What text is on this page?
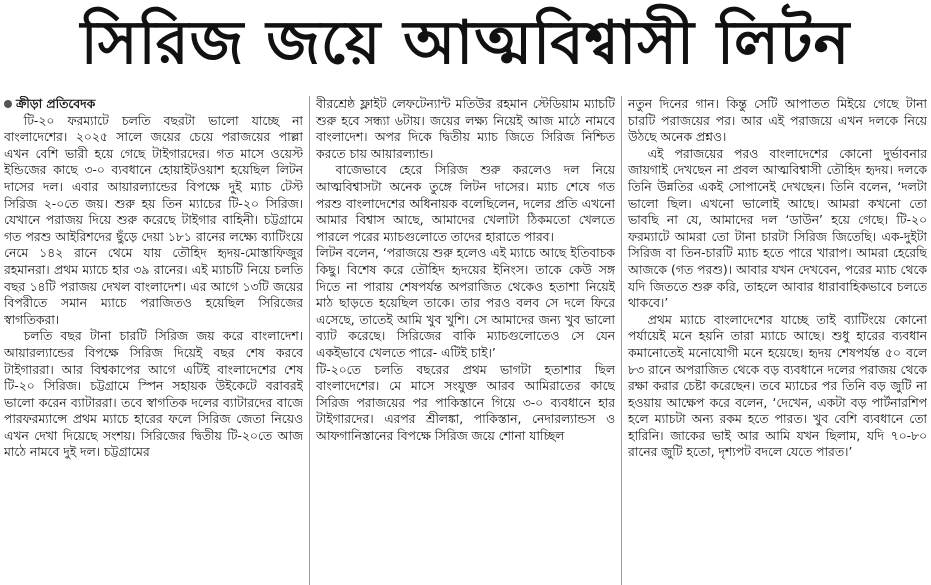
সিরিজ জয়ে আত্মবিশ্বাসী লিটন

ক্রীড়া প্রতিবেদক

টি-২০ ফরম্যাটে চলতি বছরটা ভালো যাচ্ছে না বাংলাদেশের। ২০২৫ সালে জয়ের চেয়ে পরাজয়ের পাল্লা এখন বেশি ভারী হয়ে গেছে টাইগারদের। গত মাসে ওয়েস্ট ইন্ডিজের কাছে ৩-০ ব্যবধানে হোয়াইটওয়াশ হয়েছিল লিটন দাসের দল। এবার আয়ারল্যান্ডের বিপক্ষে দুই ম্যাচ টেস্ট সিরিজ ২-০তে জয়। শুরু হয় তিন ম্যাচের টি-২০ সিরিজ। যেখানে পরাজয় দিয়ে শুরু করেছে টাইগার বাহিনী। চট্টগ্রামে গত পরশু আইরিশদের ছুঁড়ে দেয়া ১৮১ রানের লক্ষ্যে ব্যাটিংয়ে নেমে ১৪২ রানে থেমে যায় তৌহিদ হৃদয়-মোস্তাফিজুর রহমানরা। প্রথম ম্যাচে হার ৩৯ রানের। এই ম্যাচটি নিয়ে চলতি বছর ১৪টি পরাজয় দেখল বাংলাদেশ। এর আগে ১৩টি জয়ের বিপরীতে সমান ম্যাচে পরাজিতও হয়েছিল সিরিজের স্বাগতিকরা।

চলতি বছর টানা চারটি সিরিজ জয় করে বাংলাদেশ। আয়ারল্যান্ডের বিপক্ষে সিরিজ দিয়েই বছর শেষ করবে টাইগাররা। আর বিশ্বকাপের আগে এটিই বাংলাদেশের শেষ টি-২০ সিরিজ। চট্টগ্রামে স্পিন সহায়ক উইকেটে বরাবরই ভালো করেন ব্যাটাররা। তবে স্বাগতিক দলের ব্যাটারদের বাজে পারফরম্যান্সে প্রথম ম্যাচে হারের ফলে সিরিজ জেতা নিয়েও এখন দেখা দিয়েছে সংশয়। সিরিজের দ্বিতীয় টি-২০তে আজ মাঠে নামবে দুই দল। চট্টগ্রামের

বীরশ্রেষ্ঠ ফ্লাইট লেফটেন্যান্ট মতিউর রহমান স্টেডিয়াম ম্যাচটি শুরু হবে সন্ধ্যা ৬টায়। জয়ের লক্ষ্য নিয়েই আজ মাঠে নামবে বাংলাদেশ। অপর দিকে দ্বিতীয় ম্যাচ জিতে সিরিজ নিশ্চিত করতে চায় আয়ারল্যান্ড।

বাজেভাবে হেরে সিরিজ শুরু করলেও দল নিয়ে আত্মবিশ্বাসটা অনেক তুঙ্গে লিটন দাসের। ম্যাচ শেষে গত পরশু বাংলাদেশের অধিনায়ক বলেছিলেন, দলের প্রতি এখনো আমার বিশ্বাস আছে, আমাদের খেলাটা ঠিকমতো খেলতে পারলে পরের ম্যাচগুলোতে তাদের হারাতে পারব।

লিটন বলেন, ‘পরাজয়ে শুরু হলেও এই ম্যাচে আছে ইতিবাচক কিছু। বিশেষ করে তৌহিদ হৃদয়ের ইনিংস। তাকে কেউ সঙ্গ দিতে না পারায় শেষপর্যন্ত অপরাজিত থেকেও হতাশা নিয়েই মাঠ ছাড়তে হয়েছিল তাকে। তার পরও বলব সে দলে ফিরে এসেছে, তাতেই আমি খুব খুশি। সে আমাদের জন্য খুব ভালো ব্যাট করেছে। সিরিজের বাকি ম্যাচগুলোতেও সে যেন একইভাবে খেলতে পারে- এটিই চাই।’

টি-২০তে চলতি বছরের প্রথম ভাগটা হতাশার ছিল বাংলাদেশের। মে মাসে সংযুক্ত আরব আমিরাতের কাছে সিরিজ পরাজয়ের পর পাকিস্তানে গিয়ে ৩-০ ব্যবধানে হার টাইগারদের। এরপর শ্রীলঙ্কা, পাকিস্তান, নেদারল্যান্ডস ও আফগানিস্তানের বিপক্ষে সিরিজ জয়ে শোনা যাচ্ছিল

নতুন দিনের গান। কিন্তু সেটি আপাতত মিইয়ে গেছে টানা চারটি পরাজয়ের পর। আর এই পরাজয়ে এখন দলকে নিয়ে উঠছে অনেক প্রশ্নও।

এই পরাজয়ের পরও বাংলাদেশের কোনো দুর্ভাবনার জায়গাই দেখছেন না প্রবল আত্মবিশ্বাসী তৌহিদ হৃদয়। দলকে তিনি উন্নতির একই সোপানেই দেখছেন। তিনি বলেন, ‘দলটা ভালো ছিল। এখনো ভালোই আছে। আমরা কখনো তো ভাবছি না যে, আমাদের দল ‘ডাউন’ হয়ে গেছে। টি-২০ ফরম্যাটে আমরা তো টানা চারটা সিরিজ জিতেছি। এক-দুইটা সিরিজ বা তিন-চারটি ম্যাচ হতে পারে খারাপ। আমরা হেরেছি আজকে (গত পরশু)। আবার যখন দেখবেন, পরের ম্যাচ থেকে যদি জিততে শুরু করি, তাহলে আবার ধারাবাহিকভাবে চলতে থাকবে।’

প্রথম ম্যাচে বাংলাদেশের যাচ্ছে তাই ব্যাটিংয়ে কোনো পর্যায়েই মনে হয়নি তারা ম্যাচে আছে। শুধু হারের ব্যবধান কমানোতেই মনোযোগী মনে হয়েছে। হৃদয় শেষপর্যন্ত ৫০ বলে ৮৩ রানে অপরাজিত থেকে বড় ব্যবধানে দলের পরাজয় থেকে রক্ষা করার চেষ্টা করেছেন। তবে ম্যাচের পর তিনি বড় জুটি না হওয়ায় আক্ষেপ করে বলেন, ‘দেখেন, একটা বড় পার্টনারশিপ হলে ম্যাচটা অন্য রকম হতে পারত। খুব বেশি ব্যবধানে তো হারিনি। জাকের ভাই আর আমি যখন ছিলাম, যদি ৭০-৮০ রানের জুটি হতো, দৃশ্যপট বদলে যেতে পারত।’
